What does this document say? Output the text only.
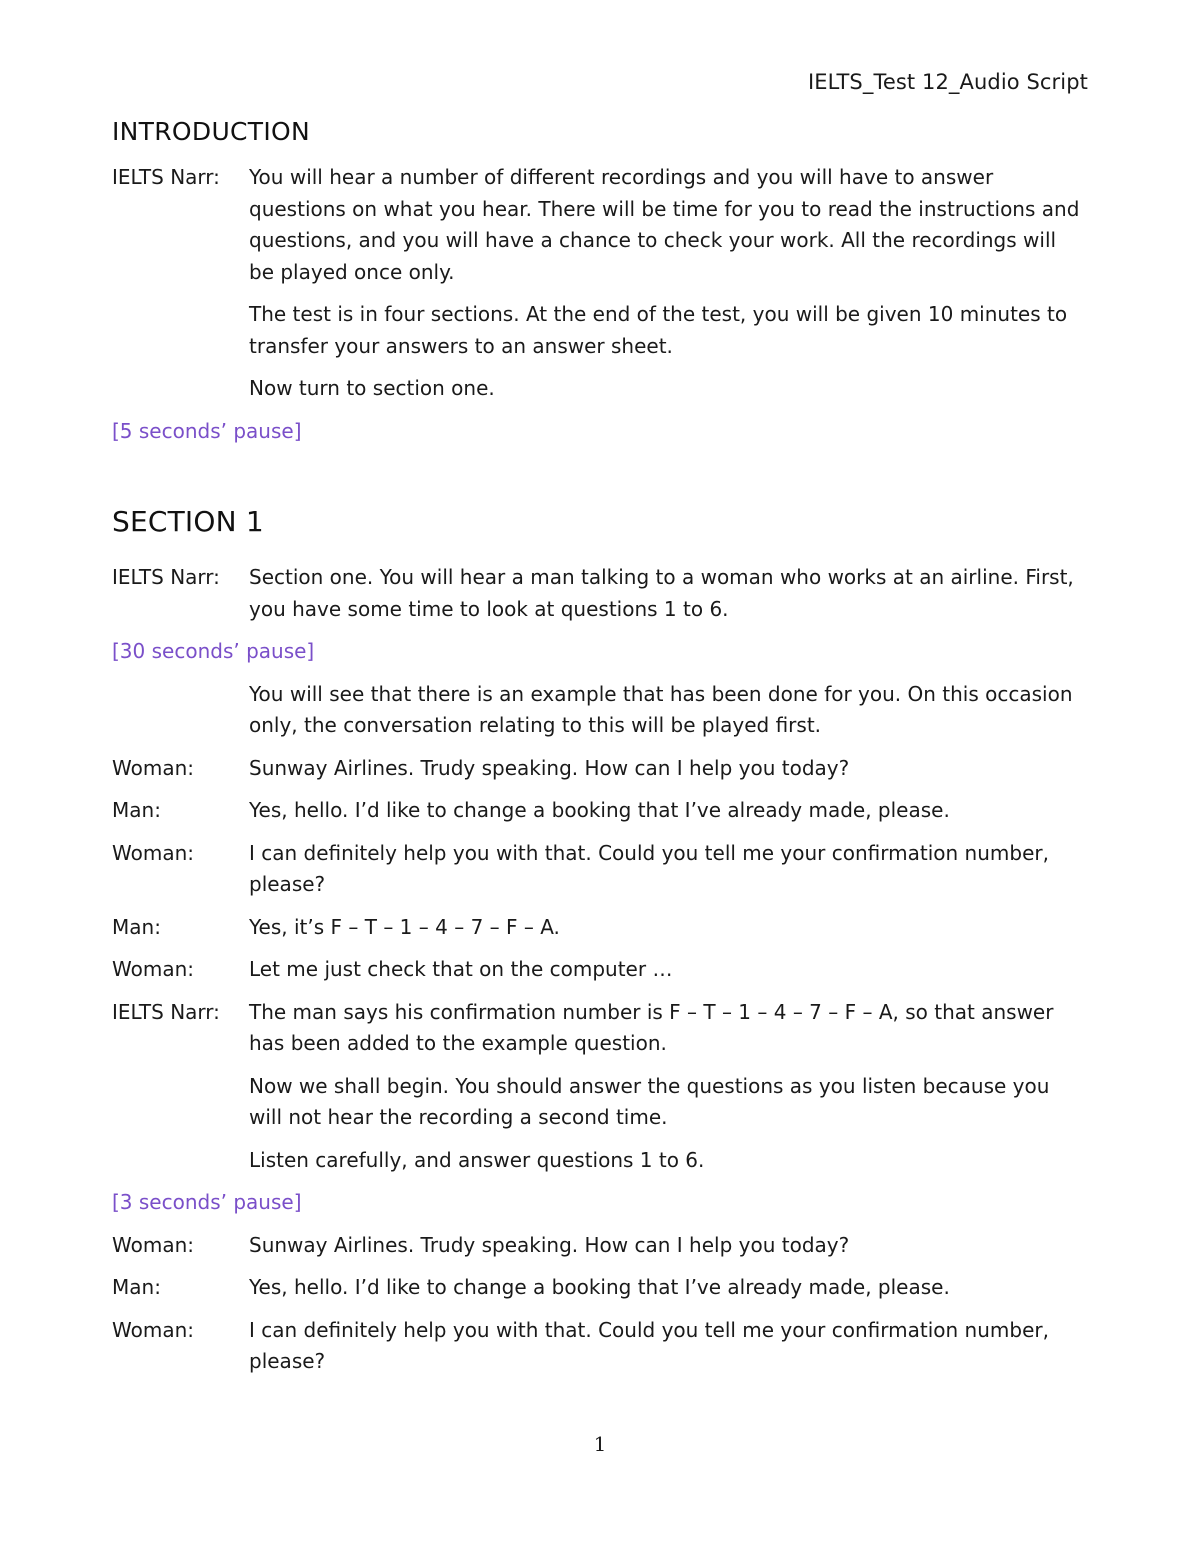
IELTS_Test 12_Audio Script
INTRODUCTION
IELTS Narr:	You will hear a number of different recordings and you will have to answer questions on what you hear. There will be time for you to read the instructions and questions, and you will have a chance to check your work. All the recordings will be played once only.
The test is in four sections. At the end of the test, you will be given 10 minutes to transfer your answers to an answer sheet.
Now turn to section one.
[5 seconds’ pause]
SECTION 1
IELTS Narr:	Section one. You will hear a man talking to a woman who works at an airline. First, you have some time to look at questions 1 to 6.
[30 seconds’ pause]
You will see that there is an example that has been done for you. On this occasion only, the conversation relating to this will be played first.
Woman:	Sunway Airlines. Trudy speaking. How can I help you today?
Man:	Yes, hello. I’d like to change a booking that I’ve already made, please.
Woman:	I can definitely help you with that. Could you tell me your confirmation number, please?
Man:	Yes, it’s F – T – 1 – 4 – 7 – F – A.
Woman:	Let me just check that on the computer …
IELTS Narr:	The man says his confirmation number is F – T – 1 – 4 – 7 – F – A, so that answer has been added to the example question.
Now we shall begin. You should answer the questions as you listen because you will not hear the recording a second time.
Listen carefully, and answer questions 1 to 6.
[3 seconds’ pause]
Woman:	Sunway Airlines. Trudy speaking. How can I help you today?
Man:	Yes, hello. I’d like to change a booking that I’ve already made, please.
Woman:	I can definitely help you with that. Could you tell me your confirmation number, please?
1
